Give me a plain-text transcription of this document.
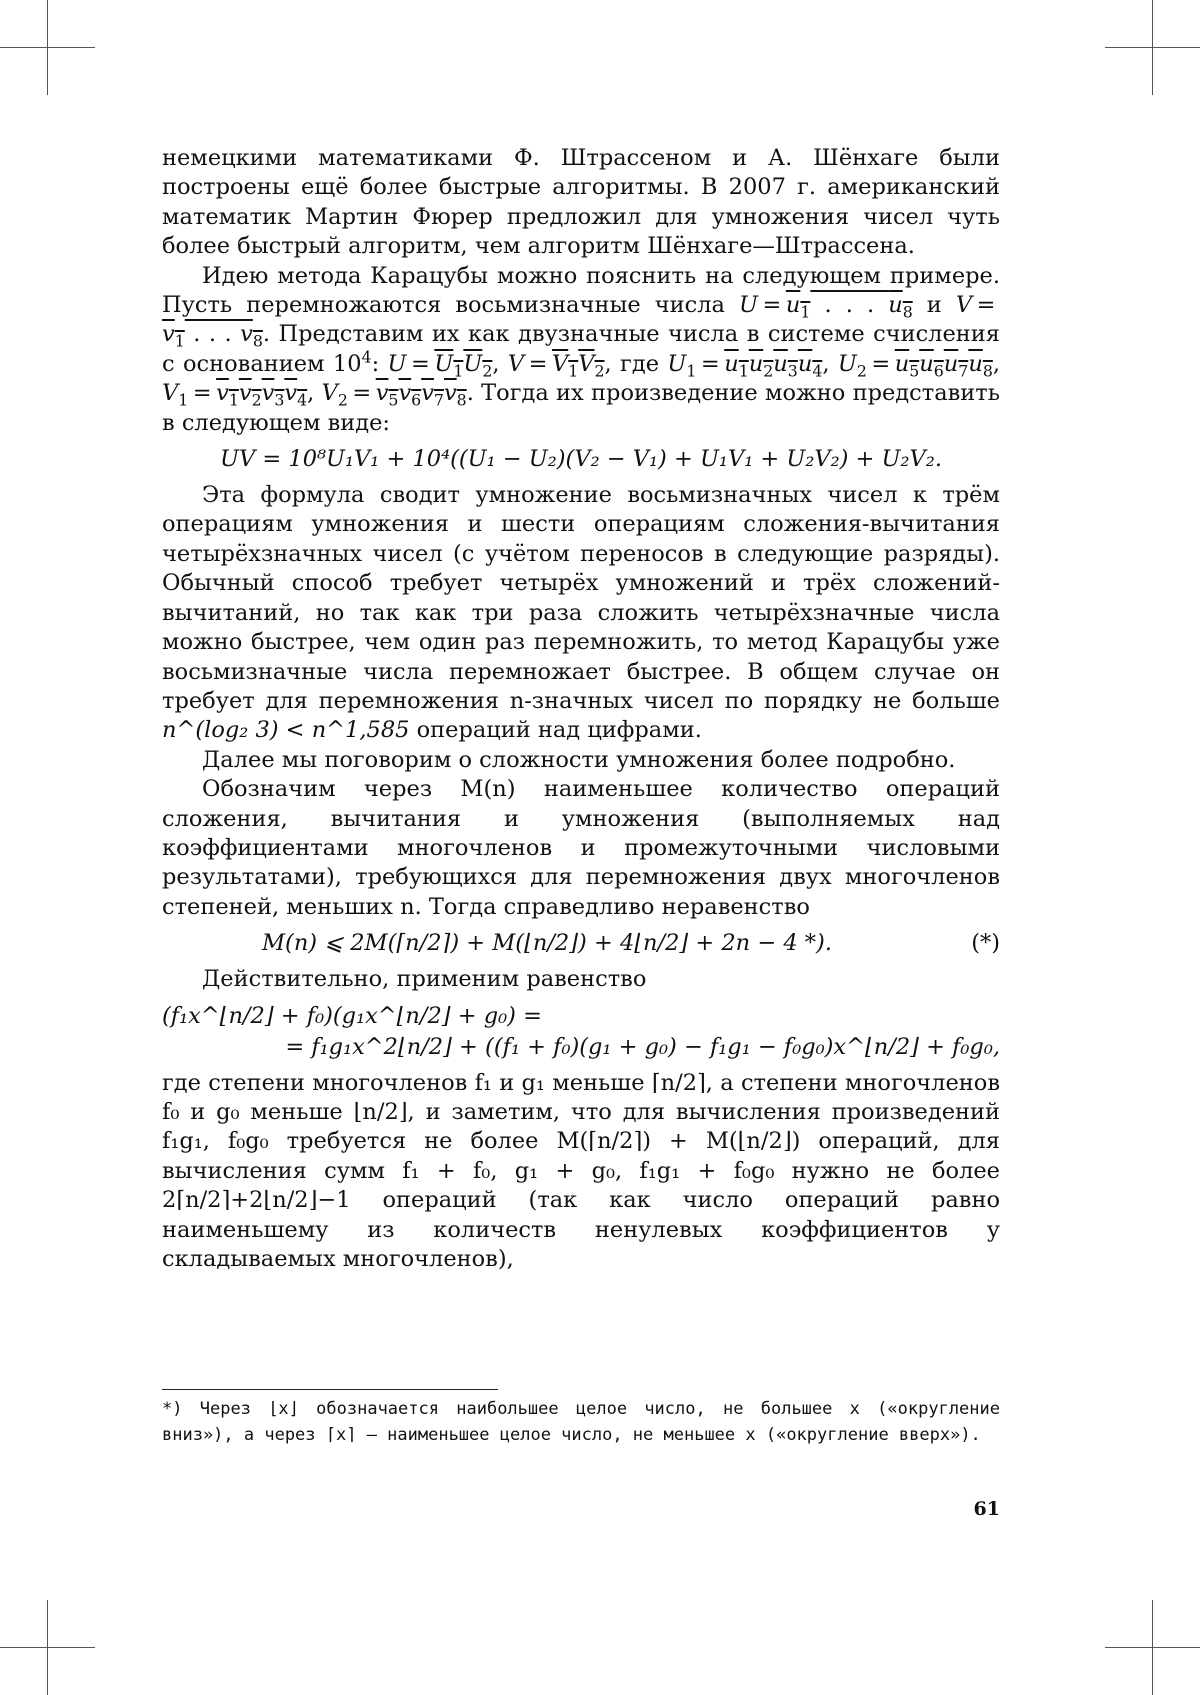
немецкими математиками Ф. Штрассеном и А. Шёнхаге были построены ещё более быстрые алгоритмы. В 2007 г. американский математик Мартин Фюрер предложил для умножения чисел чуть более быстрый алгоритм, чем алгоритм Шёнхаге—Штрассена.

Идею метода Карацубы можно пояснить на следующем примере. Пусть перемножаются восьмизначные числа $U = u_1$ . . . $u_8$ и $V = v_1$ . . . $v_8$. Представим их как двузначные числа в системе счисления с основанием $10^4$: $U = U_1U_2$, $V = V_1V_2$, где $U_1 = u_1u_2u_3u_4$, $U_2 = u_5u_6u_7u_8$, $V_1 = v_1v_2v_3v_4$, $V_2 = v_5v_6v_7v_8$. Тогда их произведение можно представить в следующем виде:

UV = 10⁸U₁V₁ + 10⁴((U₁ − U₂)(V₂ − V₁) + U₁V₁ + U₂V₂) + U₂V₂.

Эта формула сводит умножение восьмизначных чисел к трём операциям умножения и шести операциям сложения-вычитания четырёхзначных чисел (с учётом переносов в следующие разряды). Обычный способ требует четырёх умножений и трёх сложений-вычитаний, но так как три раза сложить четырёхзначные числа можно быстрее, чем один раз перемножить, то метод Карацубы уже восьмизначные числа перемножает быстрее. В общем случае он требует для перемножения n-значных чисел по порядку не больше n^(log₂ 3) < n^1,585 операций над цифрами.

Далее мы поговорим о сложности умножения более подробно.

Обозначим через M(n) наименьшее количество операций сложения, вычитания и умножения (выполняемых над коэффициентами многочленов и промежуточными числовыми результатами), требующихся для перемножения двух многочленов степеней, меньших n. Тогда справедливо неравенство

M(n) ⩽ 2M(⌈n/2⌉) + M(⌊n/2⌋) + 4⌊n/2⌋ + 2n − 4 *).	(*)

Действительно, применим равенство

(f₁x^⌊n/2⌋ + f₀)(g₁x^⌊n/2⌋ + g₀) =
= f₁g₁x^2⌊n/2⌋ + ((f₁ + f₀)(g₁ + g₀) − f₁g₁ − f₀g₀)x^⌊n/2⌋ + f₀g₀,

где степени многочленов f₁ и g₁ меньше ⌈n/2⌉, а степени многочленов f₀ и g₀ меньше ⌊n/2⌋, и заметим, что для вычисления произведений f₁g₁, f₀g₀ требуется не более M(⌈n/2⌉) + M(⌊n/2⌋) операций, для вычисления сумм f₁ + f₀, g₁ + g₀, f₁g₁ + f₀g₀ нужно не более 2⌈n/2⌉+2⌊n/2⌋−1 операций (так как число операций равно наименьшему из количеств ненулевых коэффициентов у складываемых многочленов),

*) Через ⌊x⌋ обозначается наибольшее целое число, не большее x («округление вниз»), а через ⌈x⌉ — наименьшее целое число, не меньшее x («округление вверх»).
61
